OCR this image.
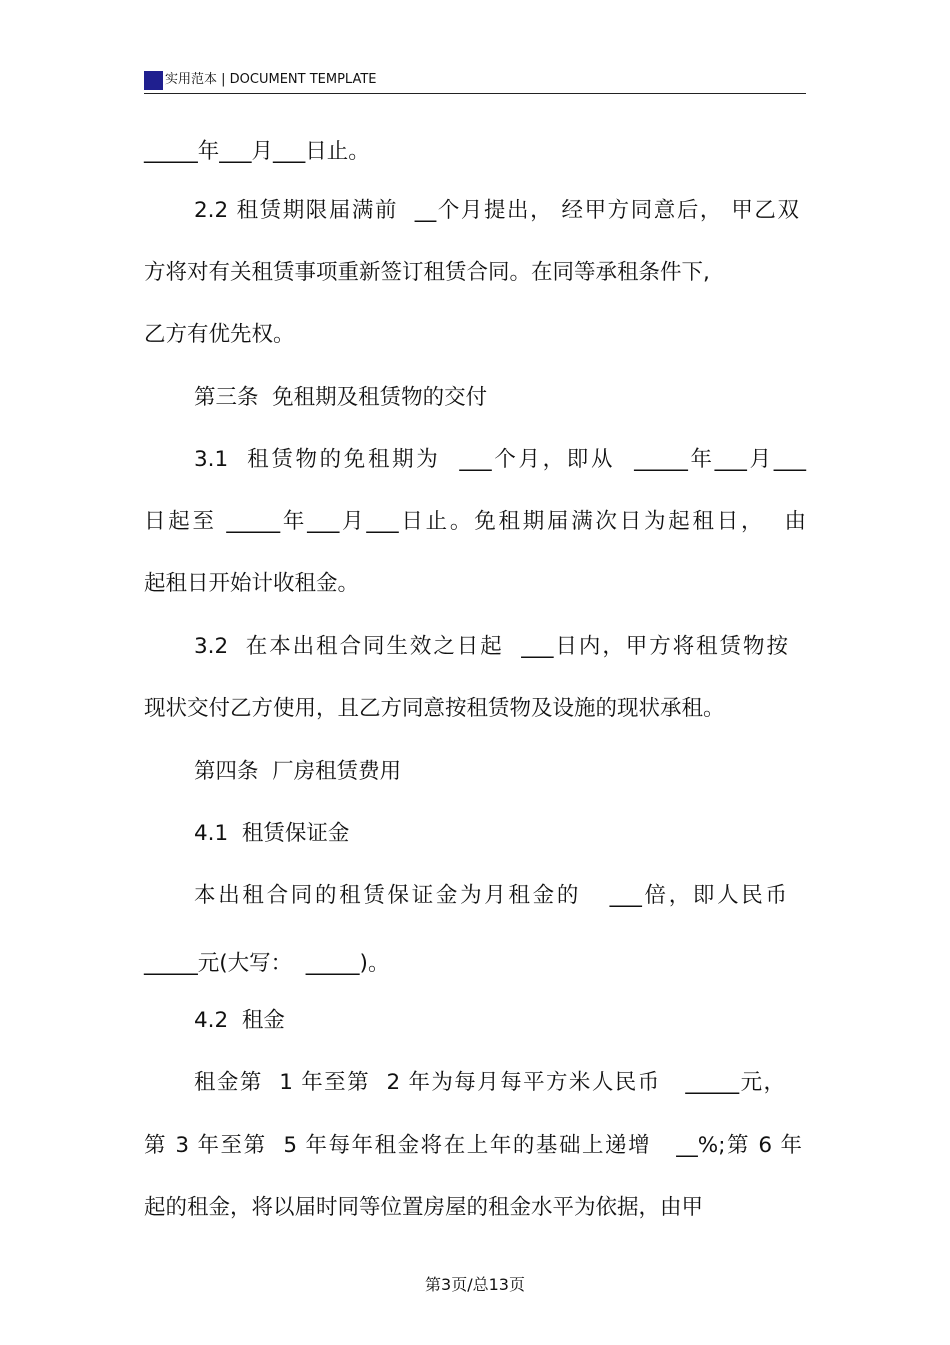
实用范本 | DOCUMENT TEMPLATE
_____年___月___日止。
2.2 租赁期限届满前  __个月提出， 经甲方同意后， 甲乙双
方将对有关租赁事项重新签订租赁合同。在同等承租条件下,
乙方有优先权。
第三条  免租期及租赁物的交付
3.1  租赁物的免租期为  ___个月，即从  _____年___月___
日起至 _____年___月___日止。免租期届满次日为起租日，  由
起租日开始计收租金。
3.2  在本出租合同生效之日起  ___日内，甲方将租赁物按
现状交付乙方使用，且乙方同意按租赁物及设施的现状承租。
第四条  厂房租赁费用
4.1  租赁保证金
本出租合同的租赁保证金为月租金的   ___倍，即人民币
_____元(大写：  _____)。
4.2  租金
租金第  1 年至第  2 年为每月每平方米人民币   _____元，
第 3 年至第  5 年每年租金将在上年的基础上递增   __%;第 6 年
起的租金，将以届时同等位置房屋的租金水平为依据，由甲
第3页/总13页
